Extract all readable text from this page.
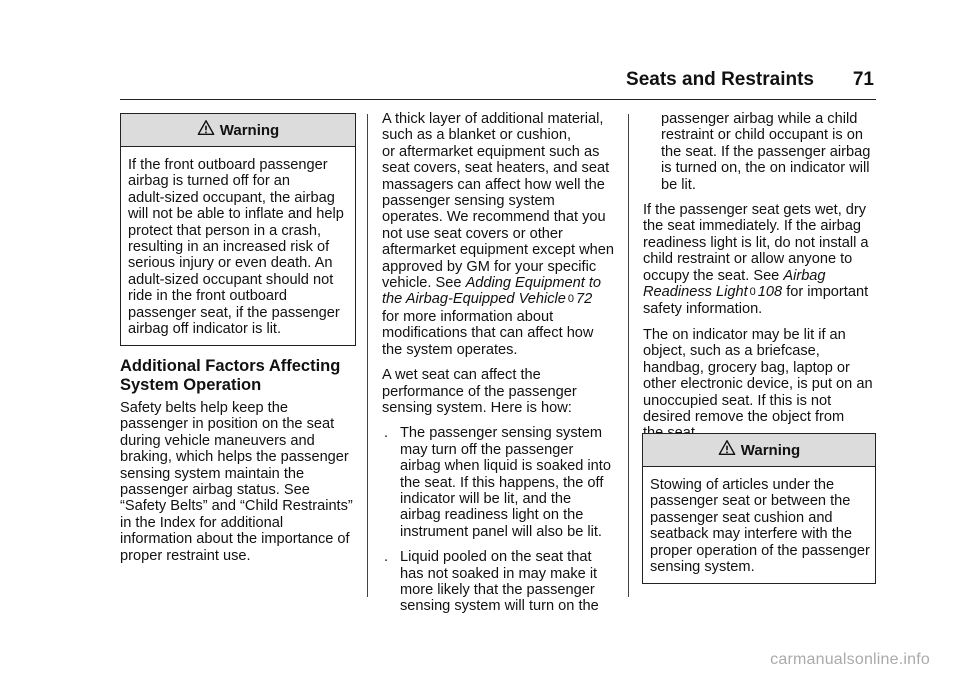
Seats and Restraints 71
Warning
If the front outboard passenger
airbag is turned off for an
adult-sized occupant, the airbag
will not be able to inflate and help
protect that person in a crash,
resulting in an increased risk of
serious injury or even death. An
adult-sized occupant should not
ride in the front outboard
passenger seat, if the passenger
airbag off indicator is lit.
Additional Factors Affecting
System Operation
Safety belts help keep the
passenger in position on the seat
during vehicle maneuvers and
braking, which helps the passenger
sensing system maintain the
passenger airbag status. See
“Safety Belts” and “Child Restraints”
in the Index for additional
information about the importance of
proper restraint use.

A thick layer of additional material,
such as a blanket or cushion,
or aftermarket equipment such as
seat covers, seat heaters, and seat
massagers can affect how well the
passenger sensing system
operates. We recommend that you
not use seat covers or other
aftermarket equipment except when
approved by GM for your specific
vehicle. See Adding Equipment to
the Airbag-Equipped Vehicle 0 72
for more information about
modifications that can affect how
the system operates.

A wet seat can affect the
performance of the passenger
sensing system. Here is how:

. The passenger sensing system
may turn off the passenger
airbag when liquid is soaked into
the seat. If this happens, the off
indicator will be lit, and the
airbag readiness light on the
instrument panel will also be lit.
. Liquid pooled on the seat that
has not soaked in may make it
more likely that the passenger
sensing system will turn on the
passenger airbag while a child
restraint or child occupant is on
the seat. If the passenger airbag
is turned on, the on indicator will
be lit.

If the passenger seat gets wet, dry
the seat immediately. If the airbag
readiness light is lit, do not install a
child restraint or allow anyone to
occupy the seat. See Airbag
Readiness Light 0 108 for important
safety information.

The on indicator may be lit if an
object, such as a briefcase,
handbag, grocery bag, laptop or
other electronic device, is put on an
unoccupied seat. If this is not
desired remove the object from

Warning
Stowing of articles under the
passenger seat or between the
passenger seat cushion and
seatback may interfere with the
proper operation of the passenger
sensing system.
carmanualsonline.info
